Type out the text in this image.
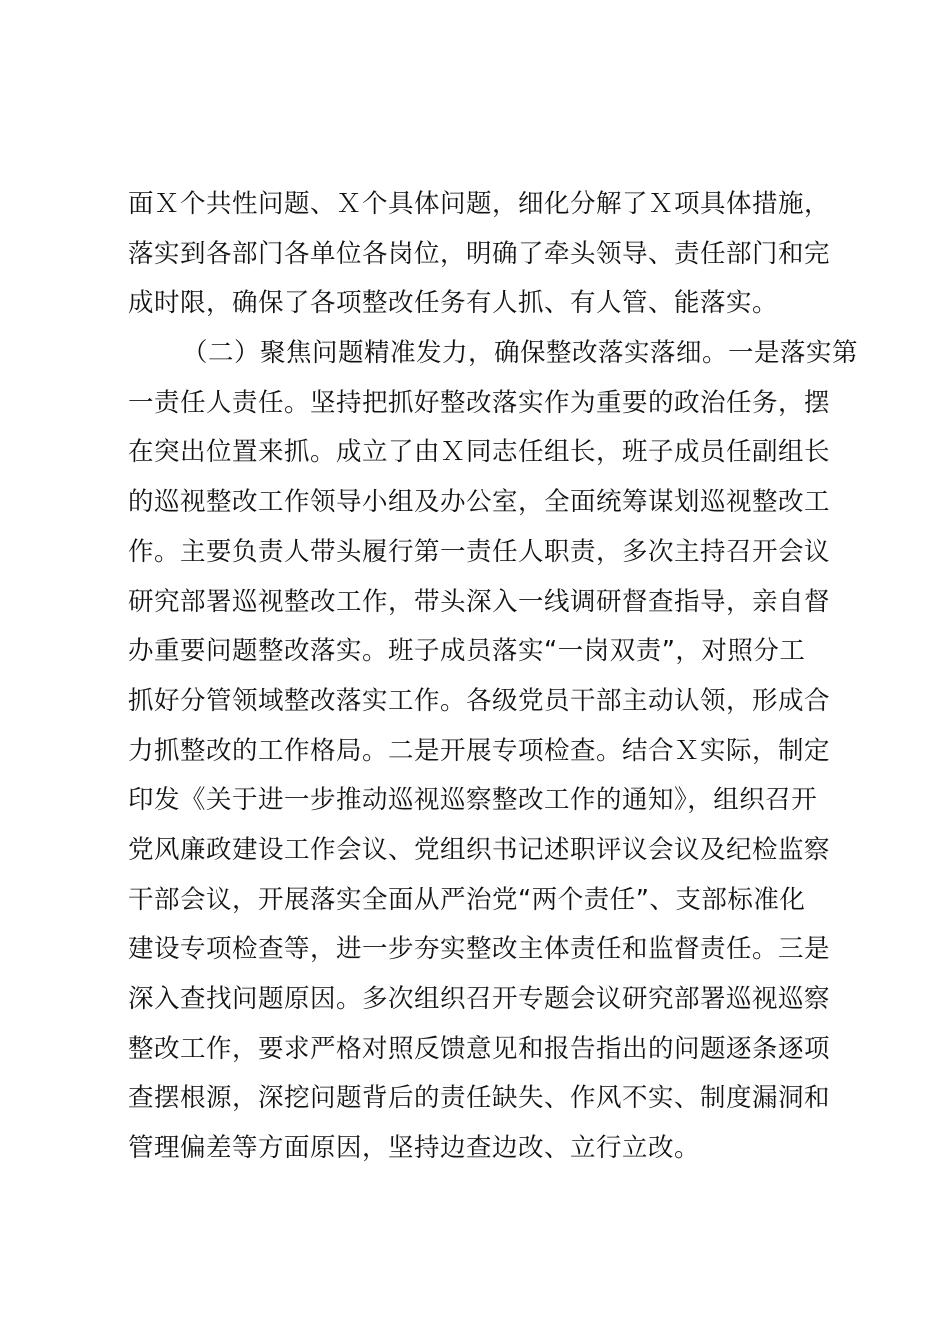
面Ｘ个共性问题、Ｘ个具体问题，细化分解了Ｘ项具体措施，
落实到各部门各单位各岗位，明确了牵头领导、责任部门和完
成时限，确保了各项整改任务有人抓、有人管、能落实。
（二）聚焦问题精准发力，确保整改落实落细。一是落实第
一责任人责任。坚持把抓好整改落实作为重要的政治任务，摆
在突出位置来抓。成立了由Ｘ同志任组长，班子成员任副组长
的巡视整改工作领导小组及办公室，全面统筹谋划巡视整改工
作。主要负责人带头履行第一责任人职责，多次主持召开会议
研究部署巡视整改工作，带头深入一线调研督查指导，亲自督
办重要问题整改落实。班子成员落实“一岗双责”，对照分工
抓好分管领域整改落实工作。各级党员干部主动认领，形成合
力抓整改的工作格局。二是开展专项检查。结合Ｘ实际，制定
印发《关于进一步推动巡视巡察整改工作的通知》，组织召开
党风廉政建设工作会议、党组织书记述职评议会议及纪检监察
干部会议，开展落实全面从严治党“两个责任”、支部标准化
建设专项检查等，进一步夯实整改主体责任和监督责任。三是
深入查找问题原因。多次组织召开专题会议研究部署巡视巡察
整改工作，要求严格对照反馈意见和报告指出的问题逐条逐项
查摆根源，深挖问题背后的责任缺失、作风不实、制度漏洞和
管理偏差等方面原因，坚持边查边改、立行立改。
